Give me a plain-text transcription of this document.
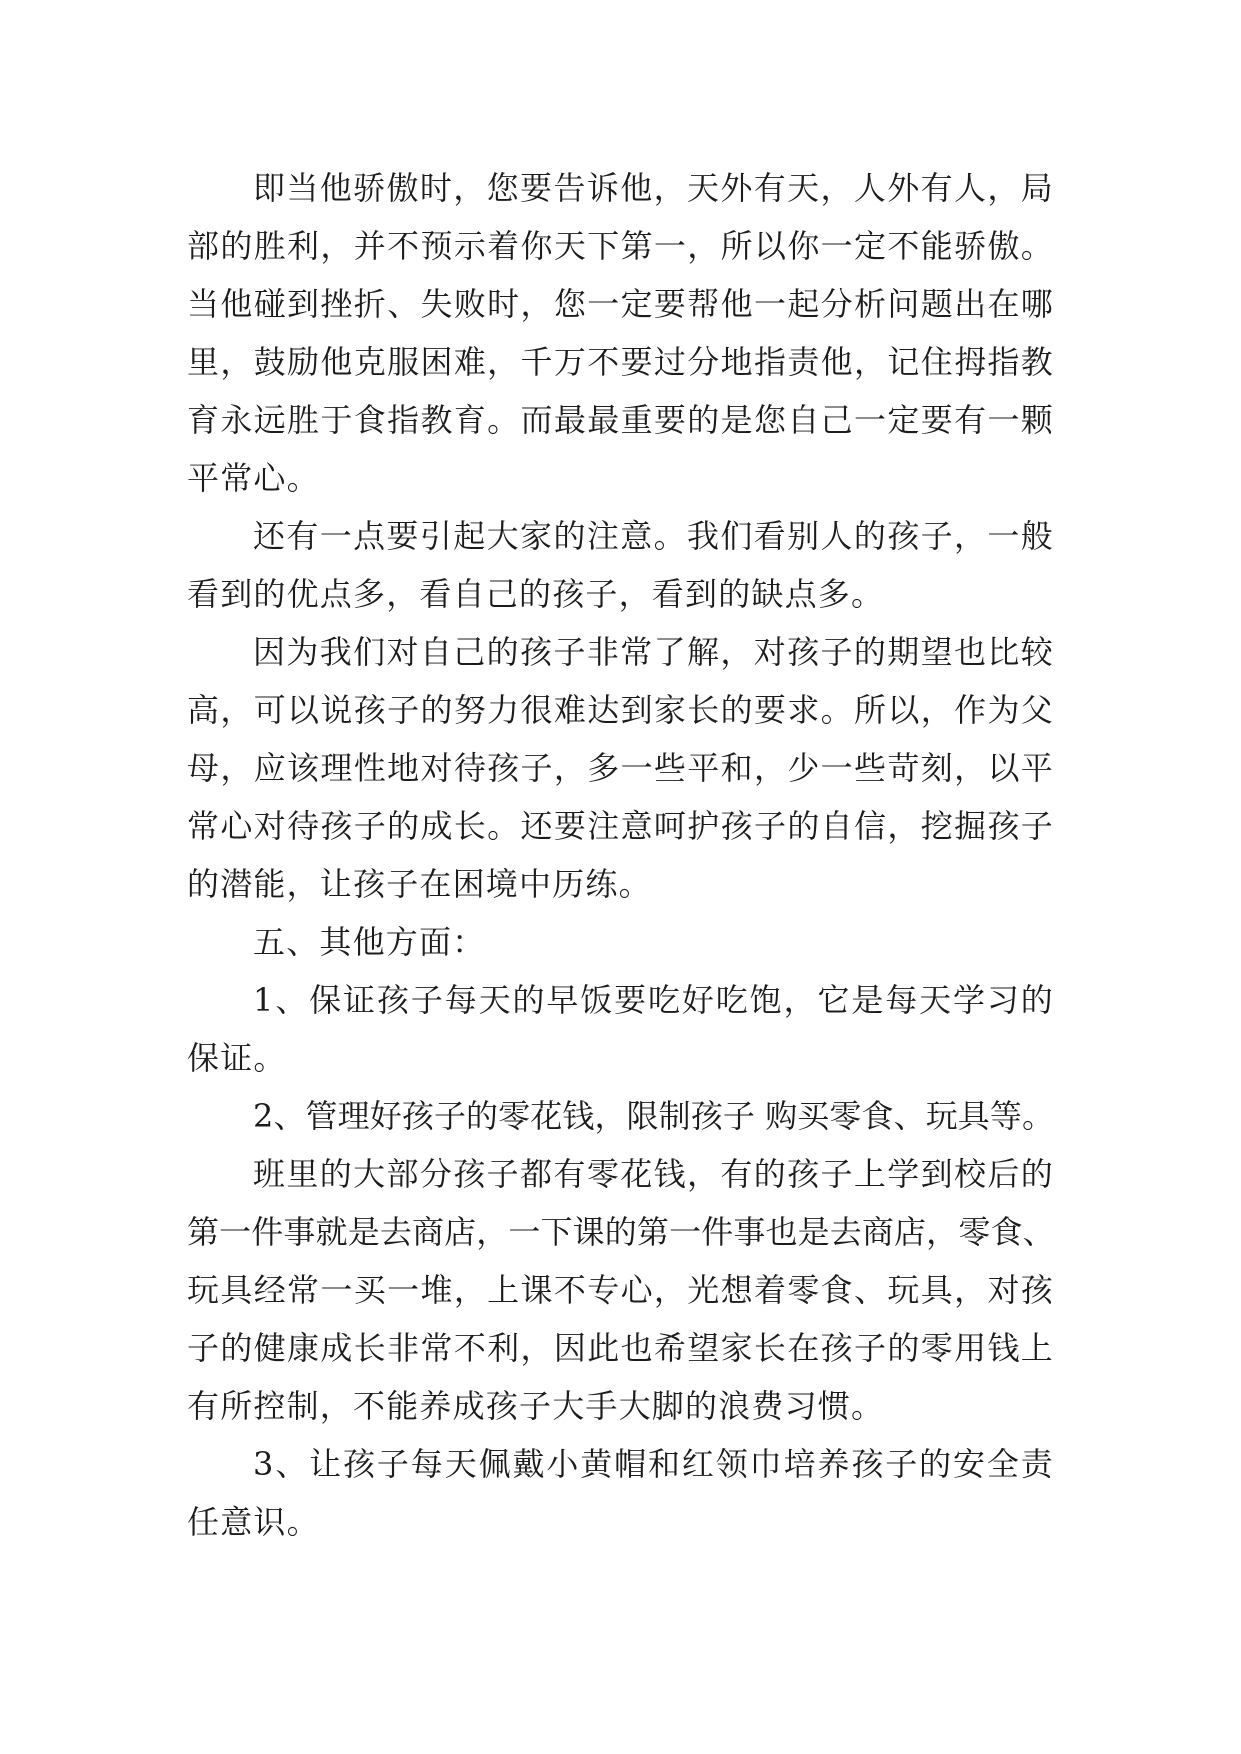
即当他骄傲时，您要告诉他，天外有天，人外有人，局
部的胜利，并不预示着你天下第一，所以你一定不能骄傲。
当他碰到挫折、失败时，您一定要帮他一起分析问题出在哪
里，鼓励他克服困难，千万不要过分地指责他，记住拇指教
育永远胜于食指教育。而最最重要的是您自己一定要有一颗
平常心。
还有一点要引起大家的注意。我们看别人的孩子，一般
看到的优点多，看自己的孩子，看到的缺点多。
因为我们对自己的孩子非常了解，对孩子的期望也比较
高，可以说孩子的努力很难达到家长的要求。所以，作为父
母，应该理性地对待孩子，多一些平和，少一些苛刻，以平
常心对待孩子的成长。还要注意呵护孩子的自信，挖掘孩子
的潜能，让孩子在困境中历练。
五、其他方面：
1、保证孩子每天的早饭要吃好吃饱，它是每天学习的
保证。
2、管理好孩子的零花钱，限制孩子 购买零食、玩具等。
班里的大部分孩子都有零花钱，有的孩子上学到校后的
第一件事就是去商店，一下课的第一件事也是去商店，零食、
玩具经常一买一堆，上课不专心，光想着零食、玩具，对孩
子的健康成长非常不利，因此也希望家长在孩子的零用钱上
有所控制，不能养成孩子大手大脚的浪费习惯。
3、让孩子每天佩戴小黄帽和红领巾培养孩子的安全责
任意识。
